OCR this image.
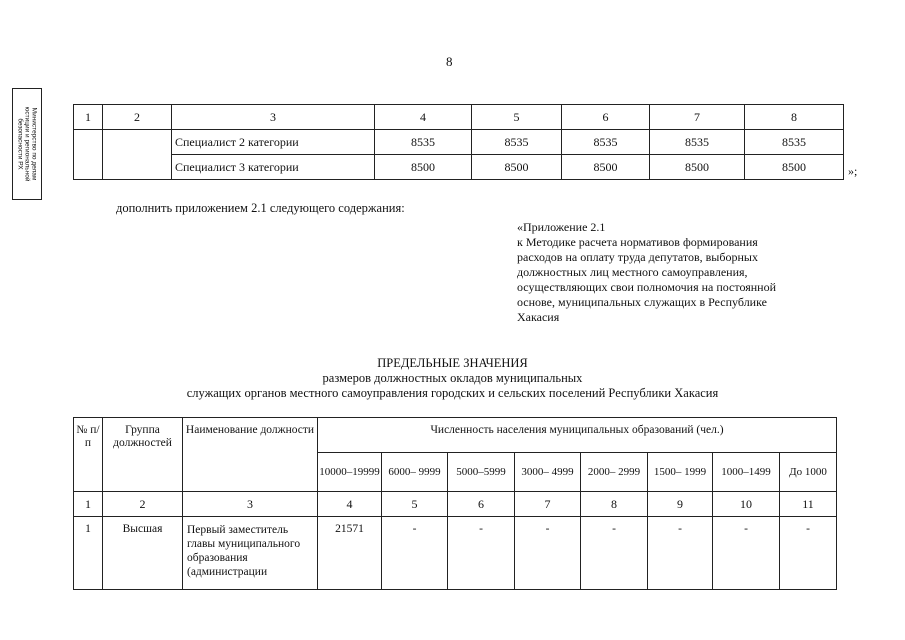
8
Министерство по делам
юстиции и региональной
безопасности РХ
1	2	3	4	5	6	7	8
		Специалист 2 категории	8535	8535	8535	8535	8535
		Специалист 3 категории	8500	8500	8500	8500	8500	»;
дополнить приложением 2.1 следующего содержания:
«Приложение 2.1
к Методике расчета нормативов формирования
расходов на оплату труда депутатов, выборных
должностных лиц местного самоуправления,
осуществляющих свои полномочия на постоянной
основе, муниципальных служащих в Республике
Хакасия
ПРЕДЕЛЬНЫЕ ЗНАЧЕНИЯ
размеров должностных окладов муниципальных
служащих органов местного самоуправления городских и сельских поселений Республики Хакасия
№ п/п	Группа должностей	Наименование должности	Численность населения муниципальных образований (чел.)							
			10000–19999	6000– 9999	5000–5999	3000– 4999	2000– 2999	1500– 1999	1000–1499	До 1000
1	2	3	4	5	6	7	8	9	10	11
1	Высшая	Первый заместитель главы муниципального образования (администрации	21571	-	-	-	-	-	-	-
